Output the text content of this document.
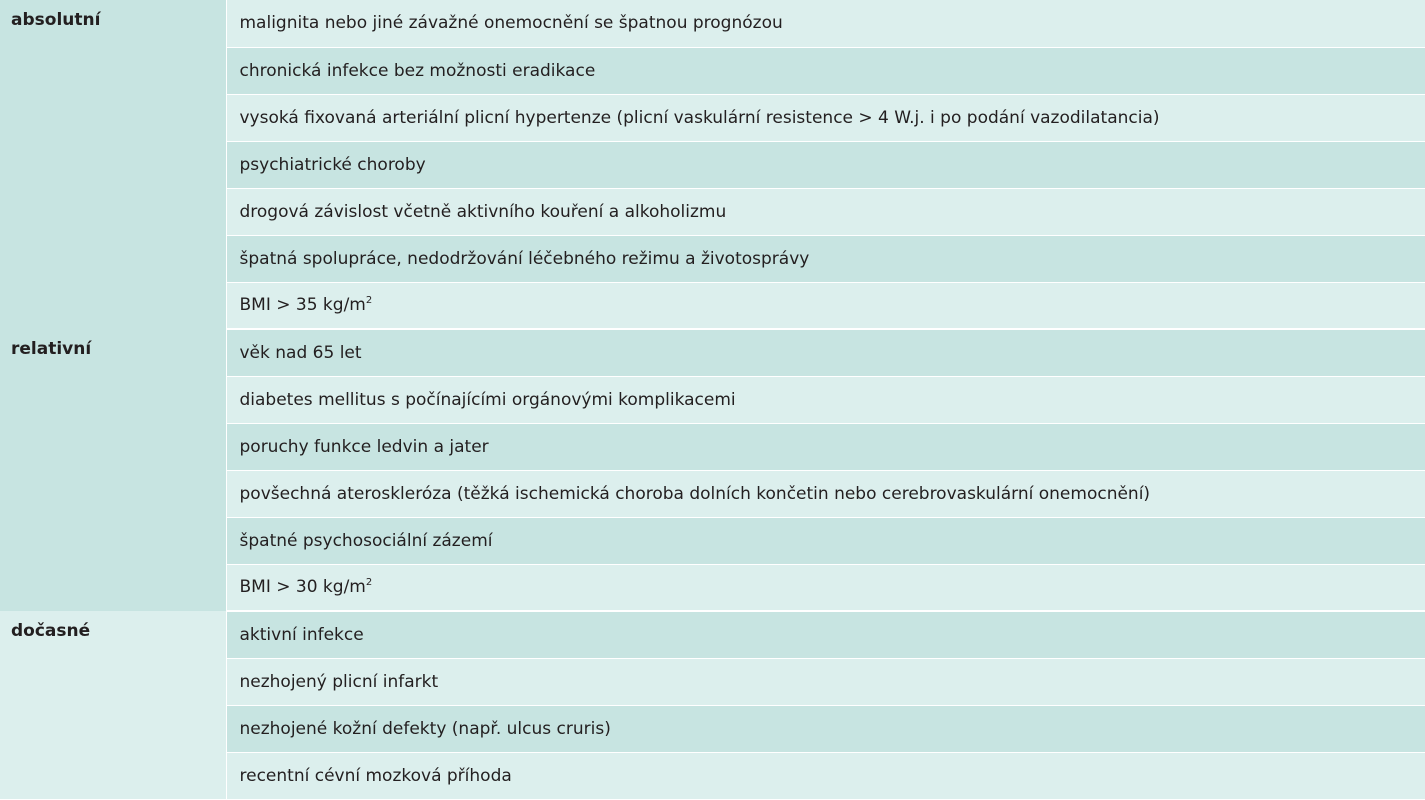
absolutní	malignita nebo jiné závažné onemocnění se špatnou prognózou
	chronická infekce bez možnosti eradikace
	vysoká fixovaná arteriální plicní hypertenze (plicní vaskulární resistence > 4 W.j. i po podání vazodilatancia)
	psychiatrické choroby
	drogová závislost včetně aktivního kouření a alkoholizmu
	špatná spolupráce, nedodržování léčebného režimu a životosprávy
	BMI > 35 $kg/m^2$
relativní	věk nad 65 let
	diabetes mellitus s počínajícími orgánovými komplikacemi
	poruchy funkce ledvin a jater
	povšechná ateroskleróza (těžká ischemická choroba dolních končetin nebo cerebrovaskulární onemocnění)
	špatné psychosociální zázemí
	BMI > 30 $kg/m^2$
dočasné	aktivní infekce
	nezhojený plicní infarkt
	nezhojené kožní defekty (např. ulcus cruris)
	recentní cévní mozková příhoda
